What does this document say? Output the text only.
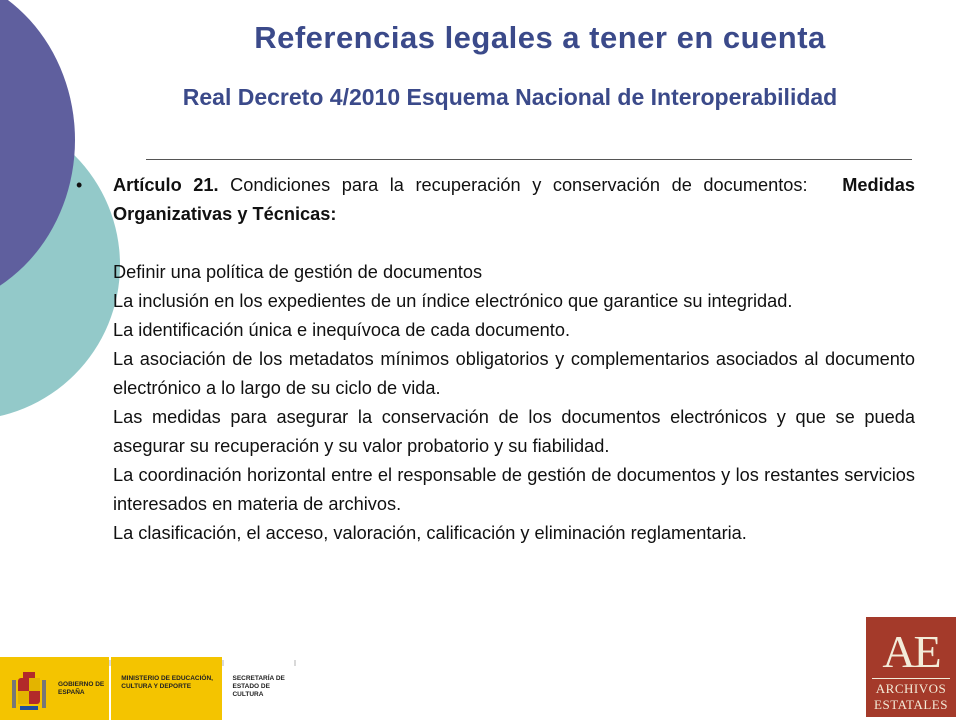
Referencias legales a tener en cuenta
Real Decreto 4/2010 Esquema Nacional de Interoperabilidad
• Artículo 21. Condiciones para la recuperación y conservación de documentos: Medidas Organizativas y Técnicas:

Definir una política de gestión de documentos

La inclusión en los expedientes de un índice electrónico que garantice su integridad.

La identificación única e inequívoca de cada documento.

La asociación de los metadatos mínimos obligatorios y complementarios asociados al documento electrónico a lo largo de su ciclo de vida.

Las medidas para asegurar la conservación de los documentos electrónicos y que se pueda asegurar su recuperación y su valor probatorio y su fiabilidad.

La coordinación horizontal entre el responsable de gestión de documentos y los restantes servicios interesados en materia de archivos.

La clasificación, el acceso, valoración, calificación y eliminación reglamentaria.

GOBIERNO DE ESPAÑA
MINISTERIO DE EDUCACIÓN, CULTURA Y DEPORTE
SECRETARÍA DE ESTADO DE CULTURA
AE
ARCHIVOS
ESTATALES
